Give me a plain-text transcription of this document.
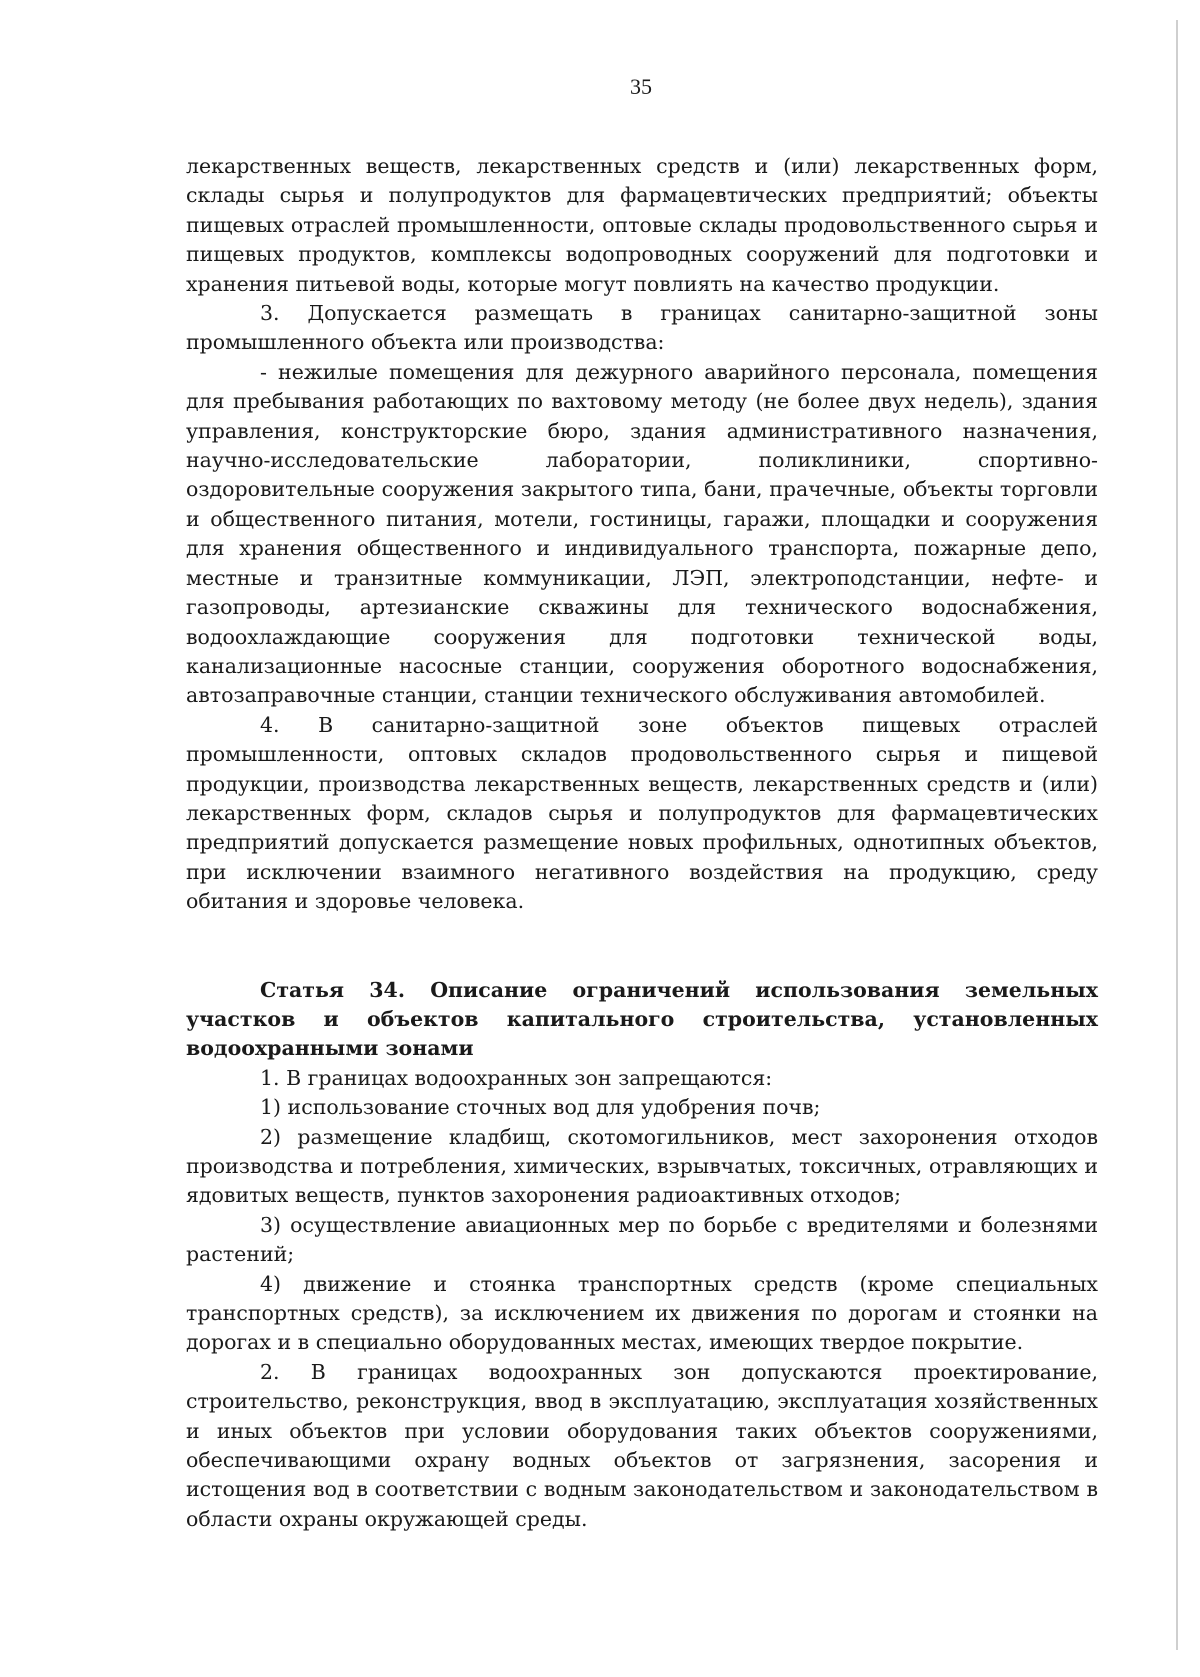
35

лекарственных веществ, лекарственных средств и (или) лекарственных форм, склады сырья и полупродуктов для фармацевтических предприятий; объекты пищевых отраслей промышленности, оптовые склады продовольственного сырья и пищевых продуктов, комплексы водопроводных сооружений для подготовки и хранения питьевой воды, которые могут повлиять на качество продукции.

3. Допускается размещать в границах санитарно-защитной зоны промышленного объекта или производства:

- нежилые помещения для дежурного аварийного персонала, помещения для пребывания работающих по вахтовому методу (не более двух недель), здания управления, конструкторские бюро, здания административного назначения, научно-исследовательские лаборатории, поликлиники, спортивно-оздоровительные сооружения закрытого типа, бани, прачечные, объекты торговли и общественного питания, мотели, гостиницы, гаражи, площадки и сооружения для хранения общественного и индивидуального транспорта, пожарные депо, местные и транзитные коммуникации, ЛЭП, электроподстанции, нефте- и газопроводы, артезианские скважины для технического водоснабжения, водоохлаждающие сооружения для подготовки технической воды, канализационные насосные станции, сооружения оборотного водоснабжения, автозаправочные станции, станции технического обслуживания автомобилей.

4. В санитарно-защитной зоне объектов пищевых отраслей промышленности, оптовых складов продовольственного сырья и пищевой продукции, производства лекарственных веществ, лекарственных средств и (или) лекарственных форм, складов сырья и полупродуктов для фармацевтических предприятий допускается размещение новых профильных, однотипных объектов, при исключении взаимного негативного воздействия на продукцию, среду обитания и здоровье человека.

Статья 34. Описание ограничений использования земельных участков и объектов капитального строительства, установленных водоохранными зонами

1. В границах водоохранных зон запрещаются:

1) использование сточных вод для удобрения почв;

2) размещение кладбищ, скотомогильников, мест захоронения отходов производства и потребления, химических, взрывчатых, токсичных, отравляющих и ядовитых веществ, пунктов захоронения радиоактивных отходов;

3) осуществление авиационных мер по борьбе с вредителями и болезнями растений;

4) движение и стоянка транспортных средств (кроме специальных транспортных средств), за исключением их движения по дорогам и стоянки на дорогах и в специально оборудованных местах, имеющих твердое покрытие.

2. В границах водоохранных зон допускаются проектирование, строительство, реконструкция, ввод в эксплуатацию, эксплуатация хозяйственных и иных объектов при условии оборудования таких объектов сооружениями, обеспечивающими охрану водных объектов от загрязнения, засорения и истощения вод в соответствии с водным законодательством и законодательством в области охраны окружающей среды.
